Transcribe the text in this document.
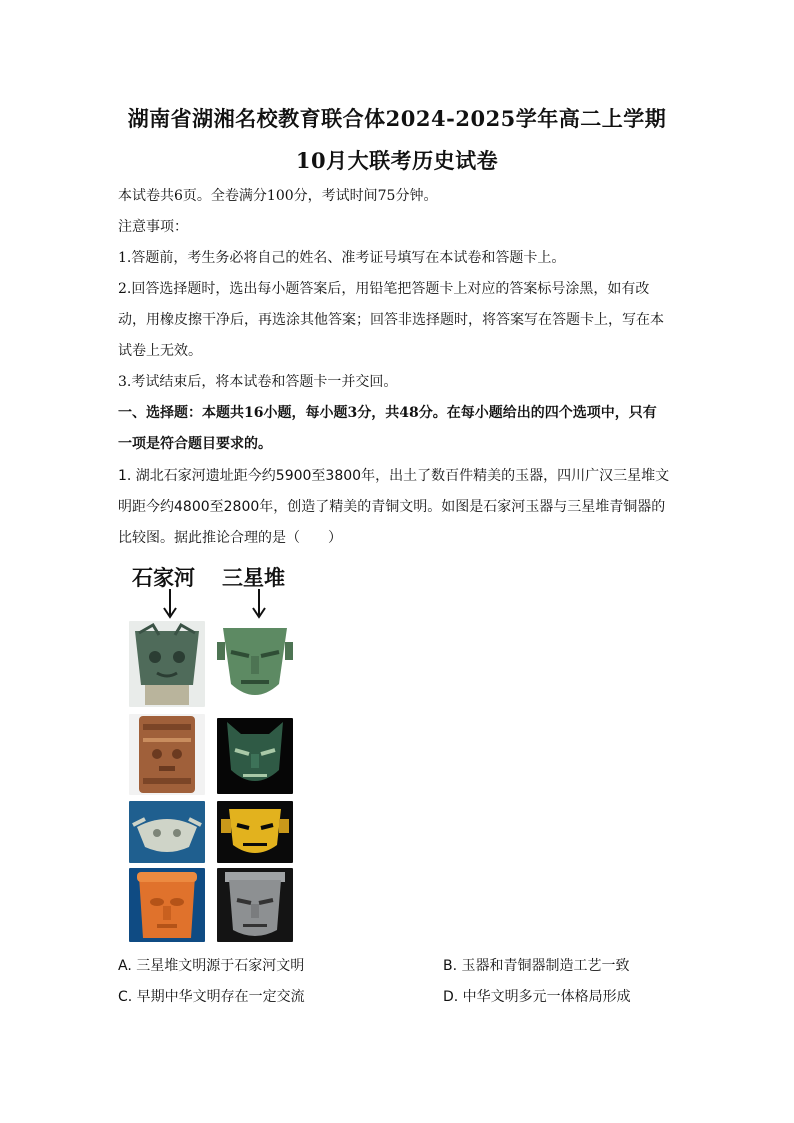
湖南省湖湘名校教育联合体2024-2025学年高二上学期
10月大联考历史试卷
本试卷共6页。全卷满分100分，考试时间75分钟。
注意事项：
1.答题前，考生务必将自己的姓名、准考证号填写在本试卷和答题卡上。
2.回答选择题时，选出每小题答案后，用铅笔把答题卡上对应的答案标号涂黑，如有改
动，用橡皮擦干净后，再选涂其他答案；回答非选择题时，将答案写在答题卡上，写在本
试卷上无效。
3.考试结束后，将本试卷和答题卡一并交回。
一、选择题：本题共16小题，每小题3分，共48分。在每小题给出的四个选项中，只有
一项是符合题目要求的。
1. 湖北石家河遗址距今约5900至3800年，出土了数百件精美的玉器，四川广汉三星堆文
明距今约4800至2800年，创造了精美的青铜文明。如图是石家河玉器与三星堆青铜器的
比较图。据此推论合理的是（　　）
石家河 三星堆
A. 三星堆文明源于石家河文明	B. 玉器和青铜器制造工艺一致
C. 早期中华文明存在一定交流	D. 中华文明多元一体格局形成
